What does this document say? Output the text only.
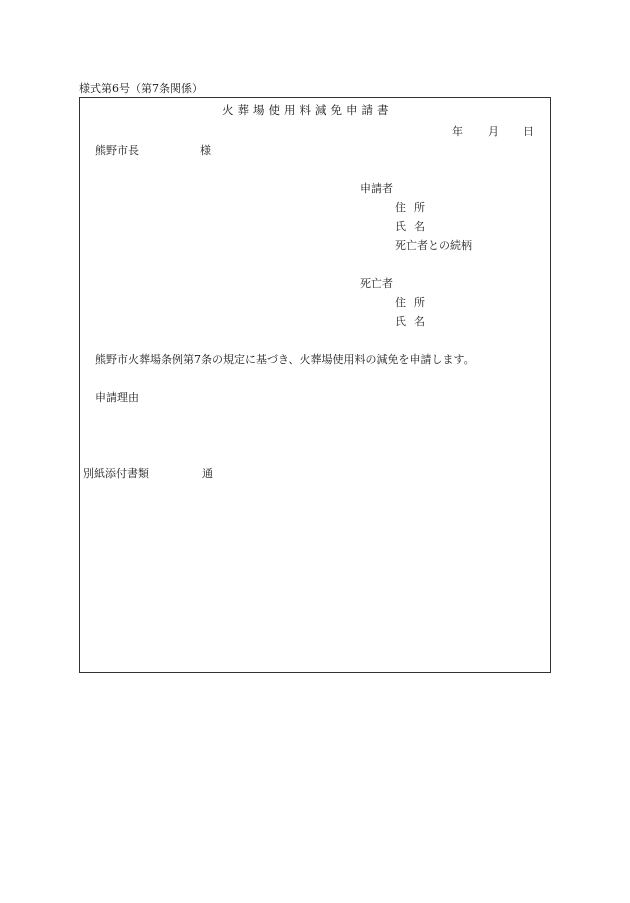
様式第6号（第7条関係）
火葬場使用料減免申請書
年 月 日
熊野市長	様
申請者
住所
氏名
死亡者との続柄
死亡者
住所
氏名
熊野市火葬場条例第7条の規定に基づき、火葬場使用料の減免を申請します。
申請理由
別紙添付書類	通
